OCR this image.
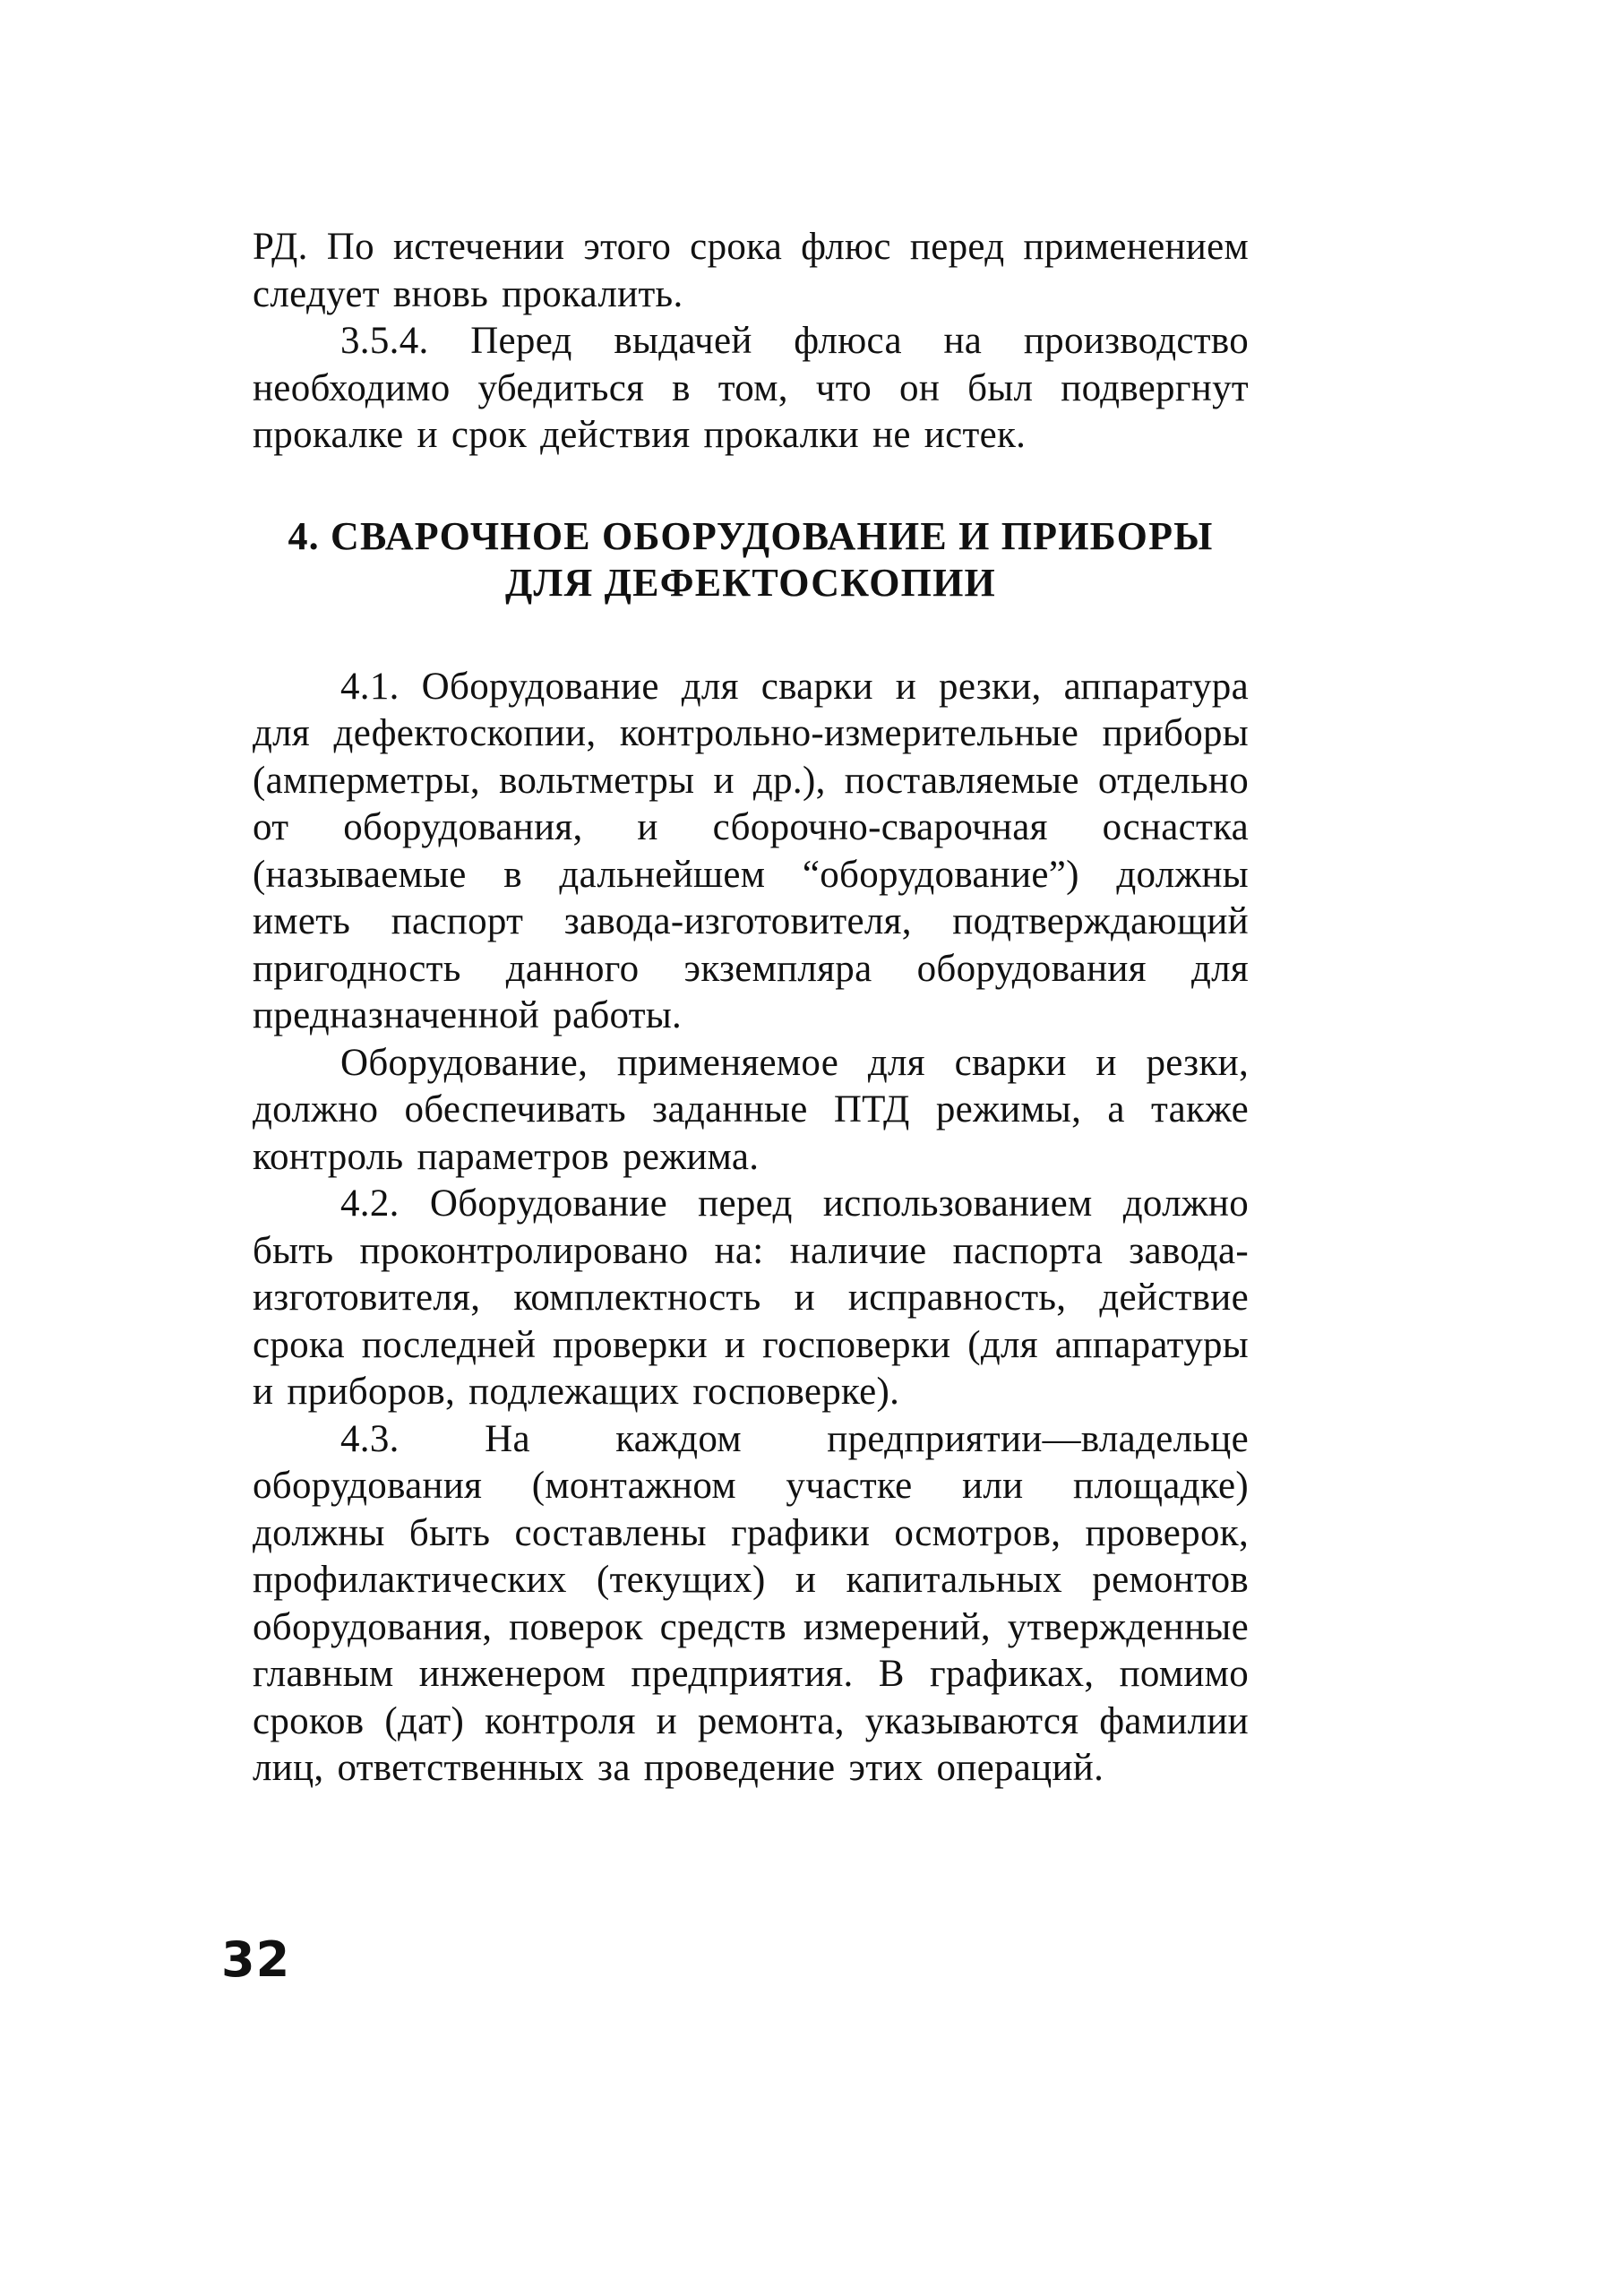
РД. По истечении этого срока флюс перед применением следует вновь прокалить.

3.5.4. Перед выдачей флюса на производство необходимо убедиться в том, что он был подвергнут прокалке и срок действия прокалки не истек.

4. СВАРОЧНОЕ ОБОРУДОВАНИЕ И ПРИБОРЫ
ДЛЯ ДЕФЕКТОСКОПИИ

4.1. Оборудование для сварки и резки, аппаратура для дефектоскопии, контрольно-измерительные приборы (амперметры, вольтметры и др.), поставляемые отдельно от оборудования, и сборочно-сварочная оснастка (называемые в дальнейшем “оборудование”) должны иметь паспорт завода-изготовителя, подтверждающий пригодность данного экземпляра оборудования для предназначенной работы.

Оборудование, применяемое для сварки и резки, должно обеспечивать заданные ПТД режимы, а также контроль параметров режима.

4.2. Оборудование перед использованием должно быть проконтролировано на: наличие паспорта завода-изготовителя, комплектность и исправность, действие срока последней проверки и госповерки (для аппаратуры и приборов, подлежащих госповерке).

4.3. На каждом предприятии—владельце оборудования (монтажном участке или площадке) должны быть составлены графики осмотров, проверок, профилактических (текущих) и капитальных ремонтов оборудования, поверок средств измерений, утвержденные главным инженером предприятия. В графиках, помимо сроков (дат) контроля и ремонта, указываются фамилии лиц, ответственных за проведение этих операций.

32
